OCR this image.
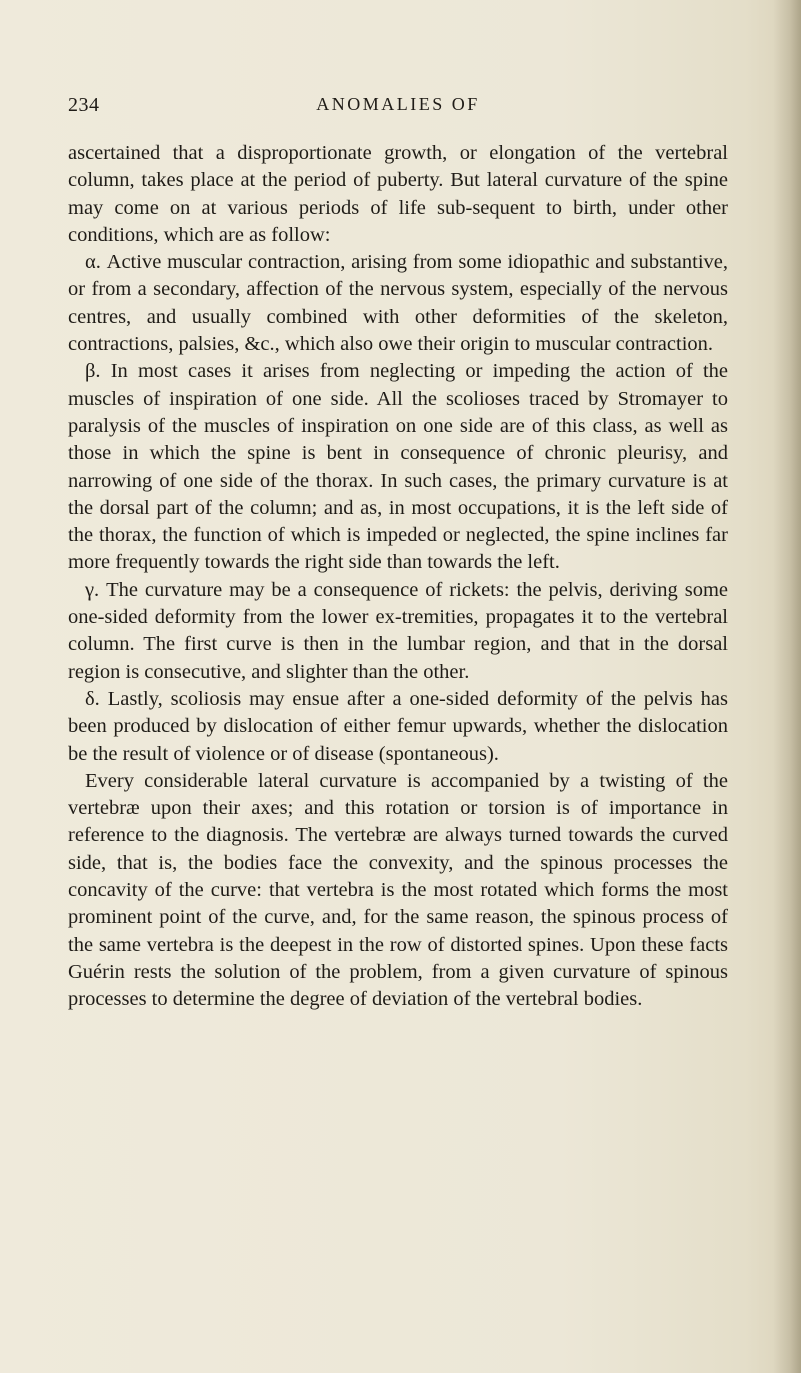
234	ANOMALIES OF

ascertained that a disproportionate growth, or elongation of the vertebral column, takes place at the period of puberty. But lateral curvature of the spine may come on at various periods of life sub-sequent to birth, under other conditions, which are as follow:

α. Active muscular contraction, arising from some idiopathic and substantive, or from a secondary, affection of the nervous system, especially of the nervous centres, and usually combined with other deformities of the skeleton, contractions, palsies, &c., which also owe their origin to muscular contraction.

β. In most cases it arises from neglecting or impeding the action of the muscles of inspiration of one side. All the scolioses traced by Stromayer to paralysis of the muscles of inspiration on one side are of this class, as well as those in which the spine is bent in consequence of chronic pleurisy, and narrowing of one side of the thorax. In such cases, the primary curvature is at the dorsal part of the column; and as, in most occupations, it is the left side of the thorax, the function of which is impeded or neglected, the spine inclines far more frequently towards the right side than towards the left.

γ. The curvature may be a consequence of rickets: the pelvis, deriving some one-sided deformity from the lower ex-tremities, propagates it to the vertebral column. The first curve is then in the lumbar region, and that in the dorsal region is consecutive, and slighter than the other.

δ. Lastly, scoliosis may ensue after a one-sided deformity of the pelvis has been produced by dislocation of either femur upwards, whether the dislocation be the result of violence or of disease (spontaneous).

Every considerable lateral curvature is accompanied by a twisting of the vertebræ upon their axes; and this rotation or torsion is of importance in reference to the diagnosis. The vertebræ are always turned towards the curved side, that is, the bodies face the convexity, and the spinous processes the concavity of the curve: that vertebra is the most rotated which forms the most prominent point of the curve, and, for the same reason, the spinous process of the same vertebra is the deepest in the row of distorted spines. Upon these facts Guérin rests the solution of the problem, from a given curvature of spinous processes to determine the degree of deviation of the vertebral bodies.
